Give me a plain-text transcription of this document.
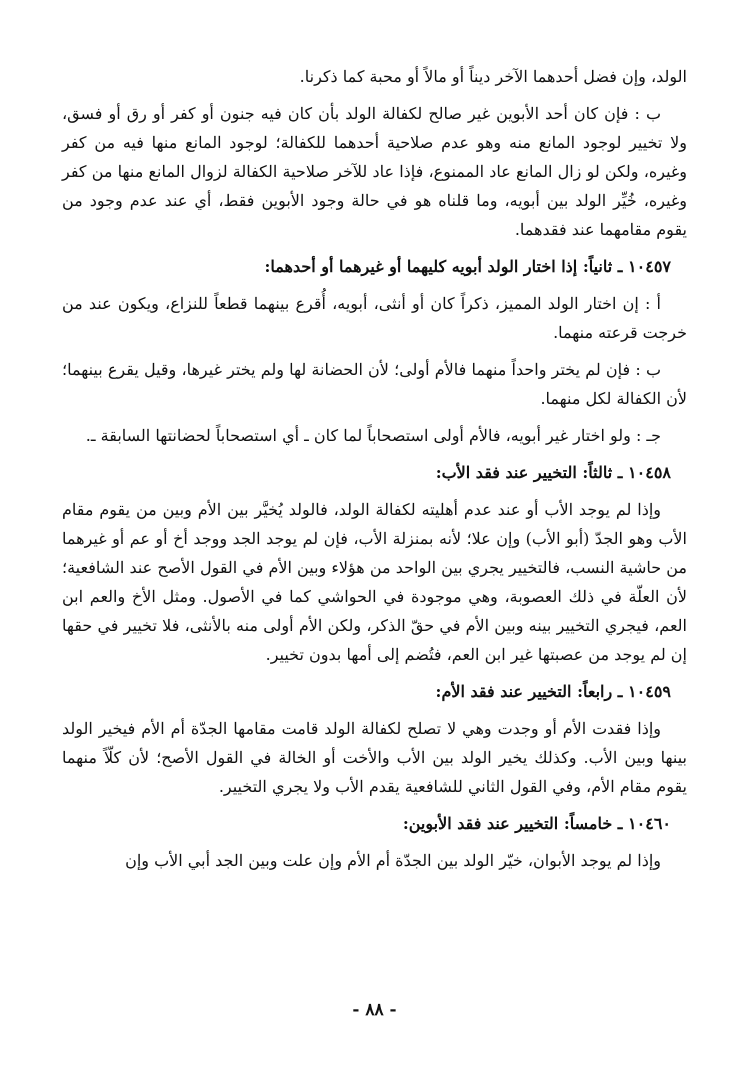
الولد، وإن فضل أحدهما الآخر ديناً أو مالاً أو محبة كما ذكرنا.

ب : فإن كان أحد الأبوين غير صالح لكفالة الولد بأن كان فيه جنون أو كفر أو رق أو فسق، ولا تخيير لوجود المانع منه وهو عدم صلاحية أحدهما للكفالة؛ لوجود المانع منها فيه من كفر وغيره، ولكن لو زال المانع عاد الممنوع، فإذا عاد للآخر صلاحية الكفالة لزوال المانع منها من كفر وغيره، خُيِّر الولد بين أبويه، وما قلناه هو في حالة وجود الأبوين فقط، أي عند عدم وجود من يقوم مقامهما عند فقدهما.

١٠٤٥٧ ـ ثانياً: إذا اختار الولد أبويه كليهما أو غيرهما أو أحدهما:

أ : إن اختار الولد المميز، ذكراً كان أو أنثى، أبويه، أُقرع بينهما قطعاً للنزاع، ويكون عند من خرجت قرعته منهما.

ب : فإن لم يختر واحداً منهما فالأم أولى؛ لأن الحضانة لها ولم يختر غيرها، وقيل يقرع بينهما؛ لأن الكفالة لكل منهما.

جـ : ولو اختار غير أبويه، فالأم أولى استصحاباً لما كان ـ أي استصحاباً لحضانتها السابقة ـ.

١٠٤٥٨ ـ ثالثاً: التخيير عند فقد الأب:

وإذا لم يوجد الأب أو عند عدم أهليته لكفالة الولد، فالولد يُخيَّر بين الأم وبين من يقوم مقام الأب وهو الجدّ (أبو الأب) وإن علا؛ لأنه بمنزلة الأب، فإن لم يوجد الجد ووجد أخ أو عم أو غيرهما من حاشية النسب، فالتخيير يجري بين الواحد من هؤلاء وبين الأم في القول الأصح عند الشافعية؛ لأن العلّة في ذلك العصوبة، وهي موجودة في الحواشي كما في الأصول. ومثل الأخ والعم ابن العم، فيجري التخيير بينه وبين الأم في حقّ الذكر، ولكن الأم أولى منه بالأنثى، فلا تخيير في حقها إن لم يوجد من عصبتها غير ابن العم، فتُضم إلى أمها بدون تخيير.

١٠٤٥٩ ـ رابعاً: التخيير عند فقد الأم:

وإذا فقدت الأم أو وجدت وهي لا تصلح لكفالة الولد قامت مقامها الجدّة أم الأم فيخير الولد بينها وبين الأب. وكذلك يخير الولد بين الأب والأخت أو الخالة في القول الأصح؛ لأن كلّاً منهما يقوم مقام الأم، وفي القول الثاني للشافعية يقدم الأب ولا يجري التخيير.

١٠٤٦٠ ـ خامساً: التخيير عند فقد الأبوين:

وإذا لم يوجد الأبوان، خيّر الولد بين الجدّة أم الأم وإن علت وبين الجد أبي الأب وإن

- ٨٨ -
